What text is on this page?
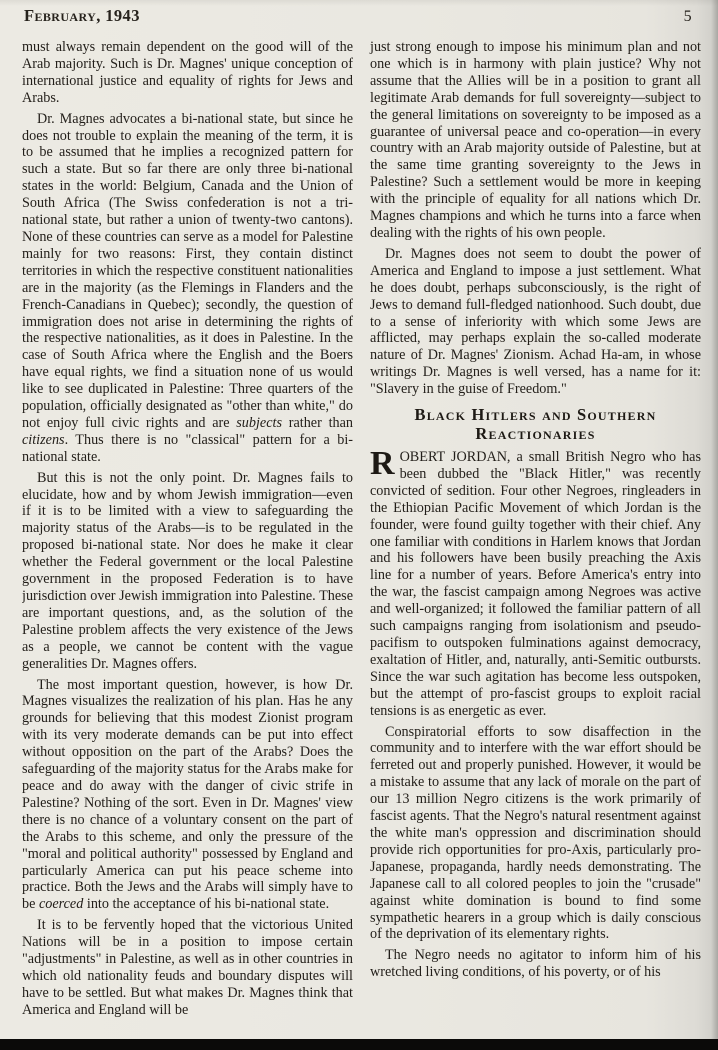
February, 1943	5

must always remain dependent on the good will of the Arab majority. Such is Dr. Magnes' unique conception of international justice and equality of rights for Jews and Arabs.

Dr. Magnes advocates a bi-national state, but since he does not trouble to explain the meaning of the term, it is to be assumed that he implies a recognized pattern for such a state. But so far there are only three bi-national states in the world: Belgium, Canada and the Union of South Africa (The Swiss confederation is not a tri-national state, but rather a union of twenty-two cantons). None of these countries can serve as a model for Palestine mainly for two reasons: First, they contain distinct territories in which the respective constituent nationalities are in the majority (as the Flemings in Flanders and the French-Canadians in Quebec); secondly, the question of immigration does not arise in determining the rights of the respective nationalities, as it does in Palestine. In the case of South Africa where the English and the Boers have equal rights, we find a situation none of us would like to see duplicated in Palestine: Three quarters of the population, officially designated as "other than white," do not enjoy full civic rights and are subjects rather than citizens. Thus there is no "classical" pattern for a bi-national state.

But this is not the only point. Dr. Magnes fails to elucidate, how and by whom Jewish immigration—even if it is to be limited with a view to safeguarding the majority status of the Arabs—is to be regulated in the proposed bi-national state. Nor does he make it clear whether the Federal government or the local Palestine government in the proposed Federation is to have jurisdiction over Jewish immigration into Palestine. These are important questions, and, as the solution of the Palestine problem affects the very existence of the Jews as a people, we cannot be content with the vague generalities Dr. Magnes offers.

The most important question, however, is how Dr. Magnes visualizes the realization of his plan. Has he any grounds for believing that this modest Zionist program with its very moderate demands can be put into effect without opposition on the part of the Arabs? Does the safeguarding of the majority status for the Arabs make for peace and do away with the danger of civic strife in Palestine? Nothing of the sort. Even in Dr. Magnes' view there is no chance of a voluntary consent on the part of the Arabs to this scheme, and only the pressure of the "moral and political authority" possessed by England and particularly America can put his peace scheme into practice. Both the Jews and the Arabs will simply have to be coerced into the acceptance of his bi-national state.

It is to be fervently hoped that the victorious United Nations will be in a position to impose certain "adjustments" in Palestine, as well as in other countries in which old nationality feuds and boundary disputes will have to be settled. But what makes Dr. Magnes think that America and England will be

just strong enough to impose his minimum plan and not one which is in harmony with plain justice? Why not assume that the Allies will be in a position to grant all legitimate Arab demands for full sovereignty—subject to the general limitations on sovereignty to be imposed as a guarantee of universal peace and co-operation—in every country with an Arab majority outside of Palestine, but at the same time granting sovereignty to the Jews in Palestine? Such a settlement would be more in keeping with the principle of equality for all nations which Dr. Magnes champions and which he turns into a farce when dealing with the rights of his own people.

Dr. Magnes does not seem to doubt the power of America and England to impose a just settlement. What he does doubt, perhaps subconsciously, is the right of Jews to demand full-fledged nationhood. Such doubt, due to a sense of inferiority with which some Jews are afflicted, may perhaps explain the so-called moderate nature of Dr. Magnes' Zionism. Achad Ha-am, in whose writings Dr. Magnes is well versed, has a name for it: "Slavery in the guise of Freedom."

Black Hitlers and Southern
Reactionaries

ROBERT JORDAN, a small British Negro who has been dubbed the "Black Hitler," was recently convicted of sedition. Four other Negroes, ringleaders in the Ethiopian Pacific Movement of which Jordan is the founder, were found guilty together with their chief. Any one familiar with conditions in Harlem knows that Jordan and his followers have been busily preaching the Axis line for a number of years. Before America's entry into the war, the fascist campaign among Negroes was active and well-organized; it followed the familiar pattern of all such campaigns ranging from isolationism and pseudo-pacifism to outspoken fulminations against democracy, exaltation of Hitler, and, naturally, anti-Semitic outbursts. Since the war such agitation has become less outspoken, but the attempt of pro-fascist groups to exploit racial tensions is as energetic as ever.

Conspiratorial efforts to sow disaffection in the community and to interfere with the war effort should be ferreted out and properly punished. However, it would be a mistake to assume that any lack of morale on the part of our 13 million Negro citizens is the work primarily of fascist agents. That the Negro's natural resentment against the white man's oppression and discrimination should provide rich opportunities for pro-Axis, particularly pro-Japanese, propaganda, hardly needs demonstrating. The Japanese call to all colored peoples to join the "crusade" against white domination is bound to find some sympathetic hearers in a group which is daily conscious of the deprivation of its elementary rights.

The Negro needs no agitator to inform him of his wretched living conditions, of his poverty, or of his
